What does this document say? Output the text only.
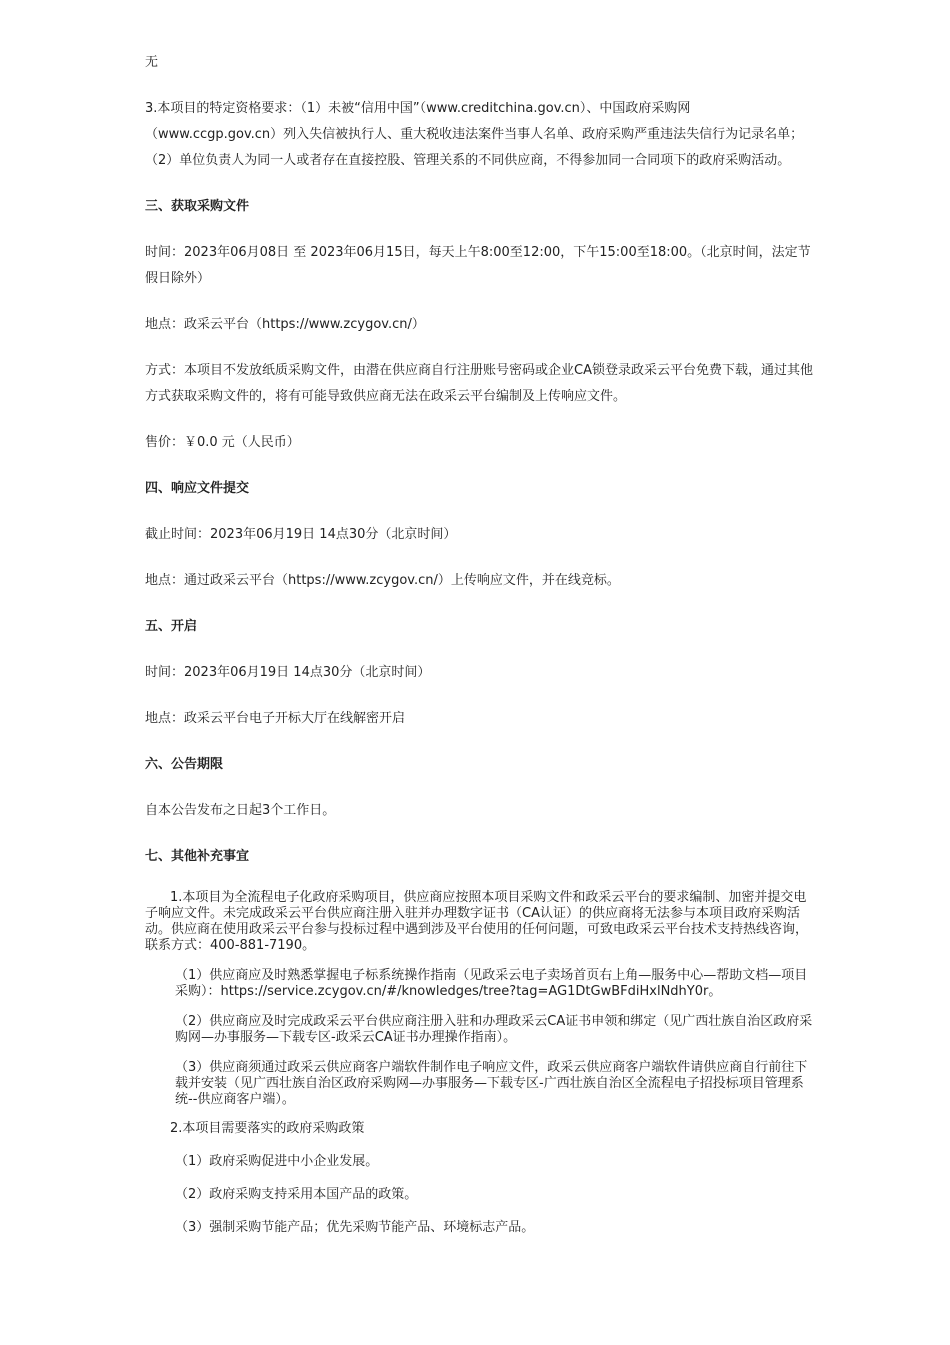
无

3.本项目的特定资格要求：（1）未被“信用中国”（www.creditchina.gov.cn）、中国政府采购网（www.ccgp.gov.cn）列入失信被执行人、重大税收违法案件当事人名单、政府采购严重违法失信行为记录名单；（2）单位负责人为同一人或者存在直接控股、管理关系的不同供应商，不得参加同一合同项下的政府采购活动。

三、获取采购文件

时间：2023年06月08日 至 2023年06月15日，每天上午8:00至12:00，下午15:00至18:00。（北京时间，法定节假日除外）

地点：政采云平台（https://www.zcygov.cn/）

方式：本项目不发放纸质采购文件，由潜在供应商自行注册账号密码或企业CA锁登录政采云平台免费下载，通过其他方式获取采购文件的，将有可能导致供应商无法在政采云平台编制及上传响应文件。

售价：￥0.0 元（人民币）

四、响应文件提交

截止时间：2023年06月19日 14点30分（北京时间）

地点：通过政采云平台（https://www.zcygov.cn/）上传响应文件，并在线竞标。

五、开启

时间：2023年06月19日 14点30分（北京时间）

地点：政采云平台电子开标大厅在线解密开启

六、公告期限

自本公告发布之日起3个工作日。

七、其他补充事宜

1.本项目为全流程电子化政府采购项目，供应商应按照本项目采购文件和政采云平台的要求编制、加密并提交电子响应文件。未完成政采云平台供应商注册入驻并办理数字证书（CA认证）的供应商将无法参与本项目政府采购活动。供应商在使用政采云平台参与投标过程中遇到涉及平台使用的任何问题，可致电政采云平台技术支持热线咨询，联系方式：400-881-7190。

（1）供应商应及时熟悉掌握电子标系统操作指南（见政采云电子卖场首页右上角—服务中心—帮助文档—项目采购）：https://service.zcygov.cn/#/knowledges/tree?tag=AG1DtGwBFdiHxlNdhY0r。

（2）供应商应及时完成政采云平台供应商注册入驻和办理政采云CA证书申领和绑定（见广西壮族自治区政府采购网—办事服务—下载专区-政采云CA证书办理操作指南）。

（3）供应商须通过政采云供应商客户端软件制作电子响应文件，政采云供应商客户端软件请供应商自行前往下载并安装（见广西壮族自治区政府采购网—办事服务—下载专区-广西壮族自治区全流程电子招投标项目管理系统--供应商客户端）。

2.本项目需要落实的政府采购政策

（1）政府采购促进中小企业发展。

（2）政府采购支持采用本国产品的政策。

（3）强制采购节能产品；优先采购节能产品、环境标志产品。
